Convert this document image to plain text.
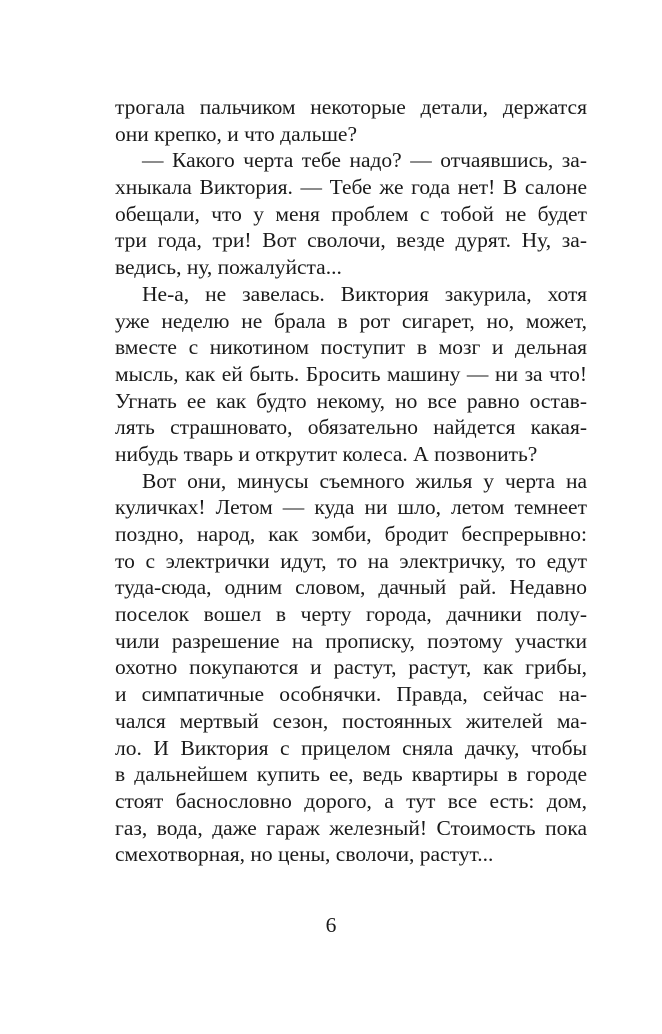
трогала пальчиком некоторые детали, держатся
они крепко, и что дальше?
— Какого черта тебе надо? — отчаявшись, за-
хныкала Виктория. — Тебе же года нет! В салоне
обещали, что у меня проблем с тобой не будет
три года, три! Вот сволочи, везде дурят. Ну, за-
ведись, ну, пожалуйста...
Не-а, не завелась. Виктория закурила, хотя
уже неделю не брала в рот сигарет, но, может,
вместе с никотином поступит в мозг и дельная
мысль, как ей быть. Бросить машину — ни за что!
Угнать ее как будто некому, но все равно остав-
лять страшновато, обязательно найдется какая-
нибудь тварь и открутит колеса. А позвонить?
Вот они, минусы съемного жилья у черта на
куличках! Летом — куда ни шло, летом темнеет
поздно, народ, как зомби, бродит беспрерывно:
то с электрички идут, то на электричку, то едут
туда-сюда, одним словом, дачный рай. Недавно
поселок вошел в черту города, дачники полу-
чили разрешение на прописку, поэтому участки
охотно покупаются и растут, растут, как грибы,
и симпатичные особнячки. Правда, сейчас на-
чался мертвый сезон, постоянных жителей ма-
ло. И Виктория с прицелом сняла дачку, чтобы
в дальнейшем купить ее, ведь квартиры в городе
стоят баснословно дорого, а тут все есть: дом,
газ, вода, даже гараж железный! Стоимость пока
смехотворная, но цены, сволочи, растут...
6
